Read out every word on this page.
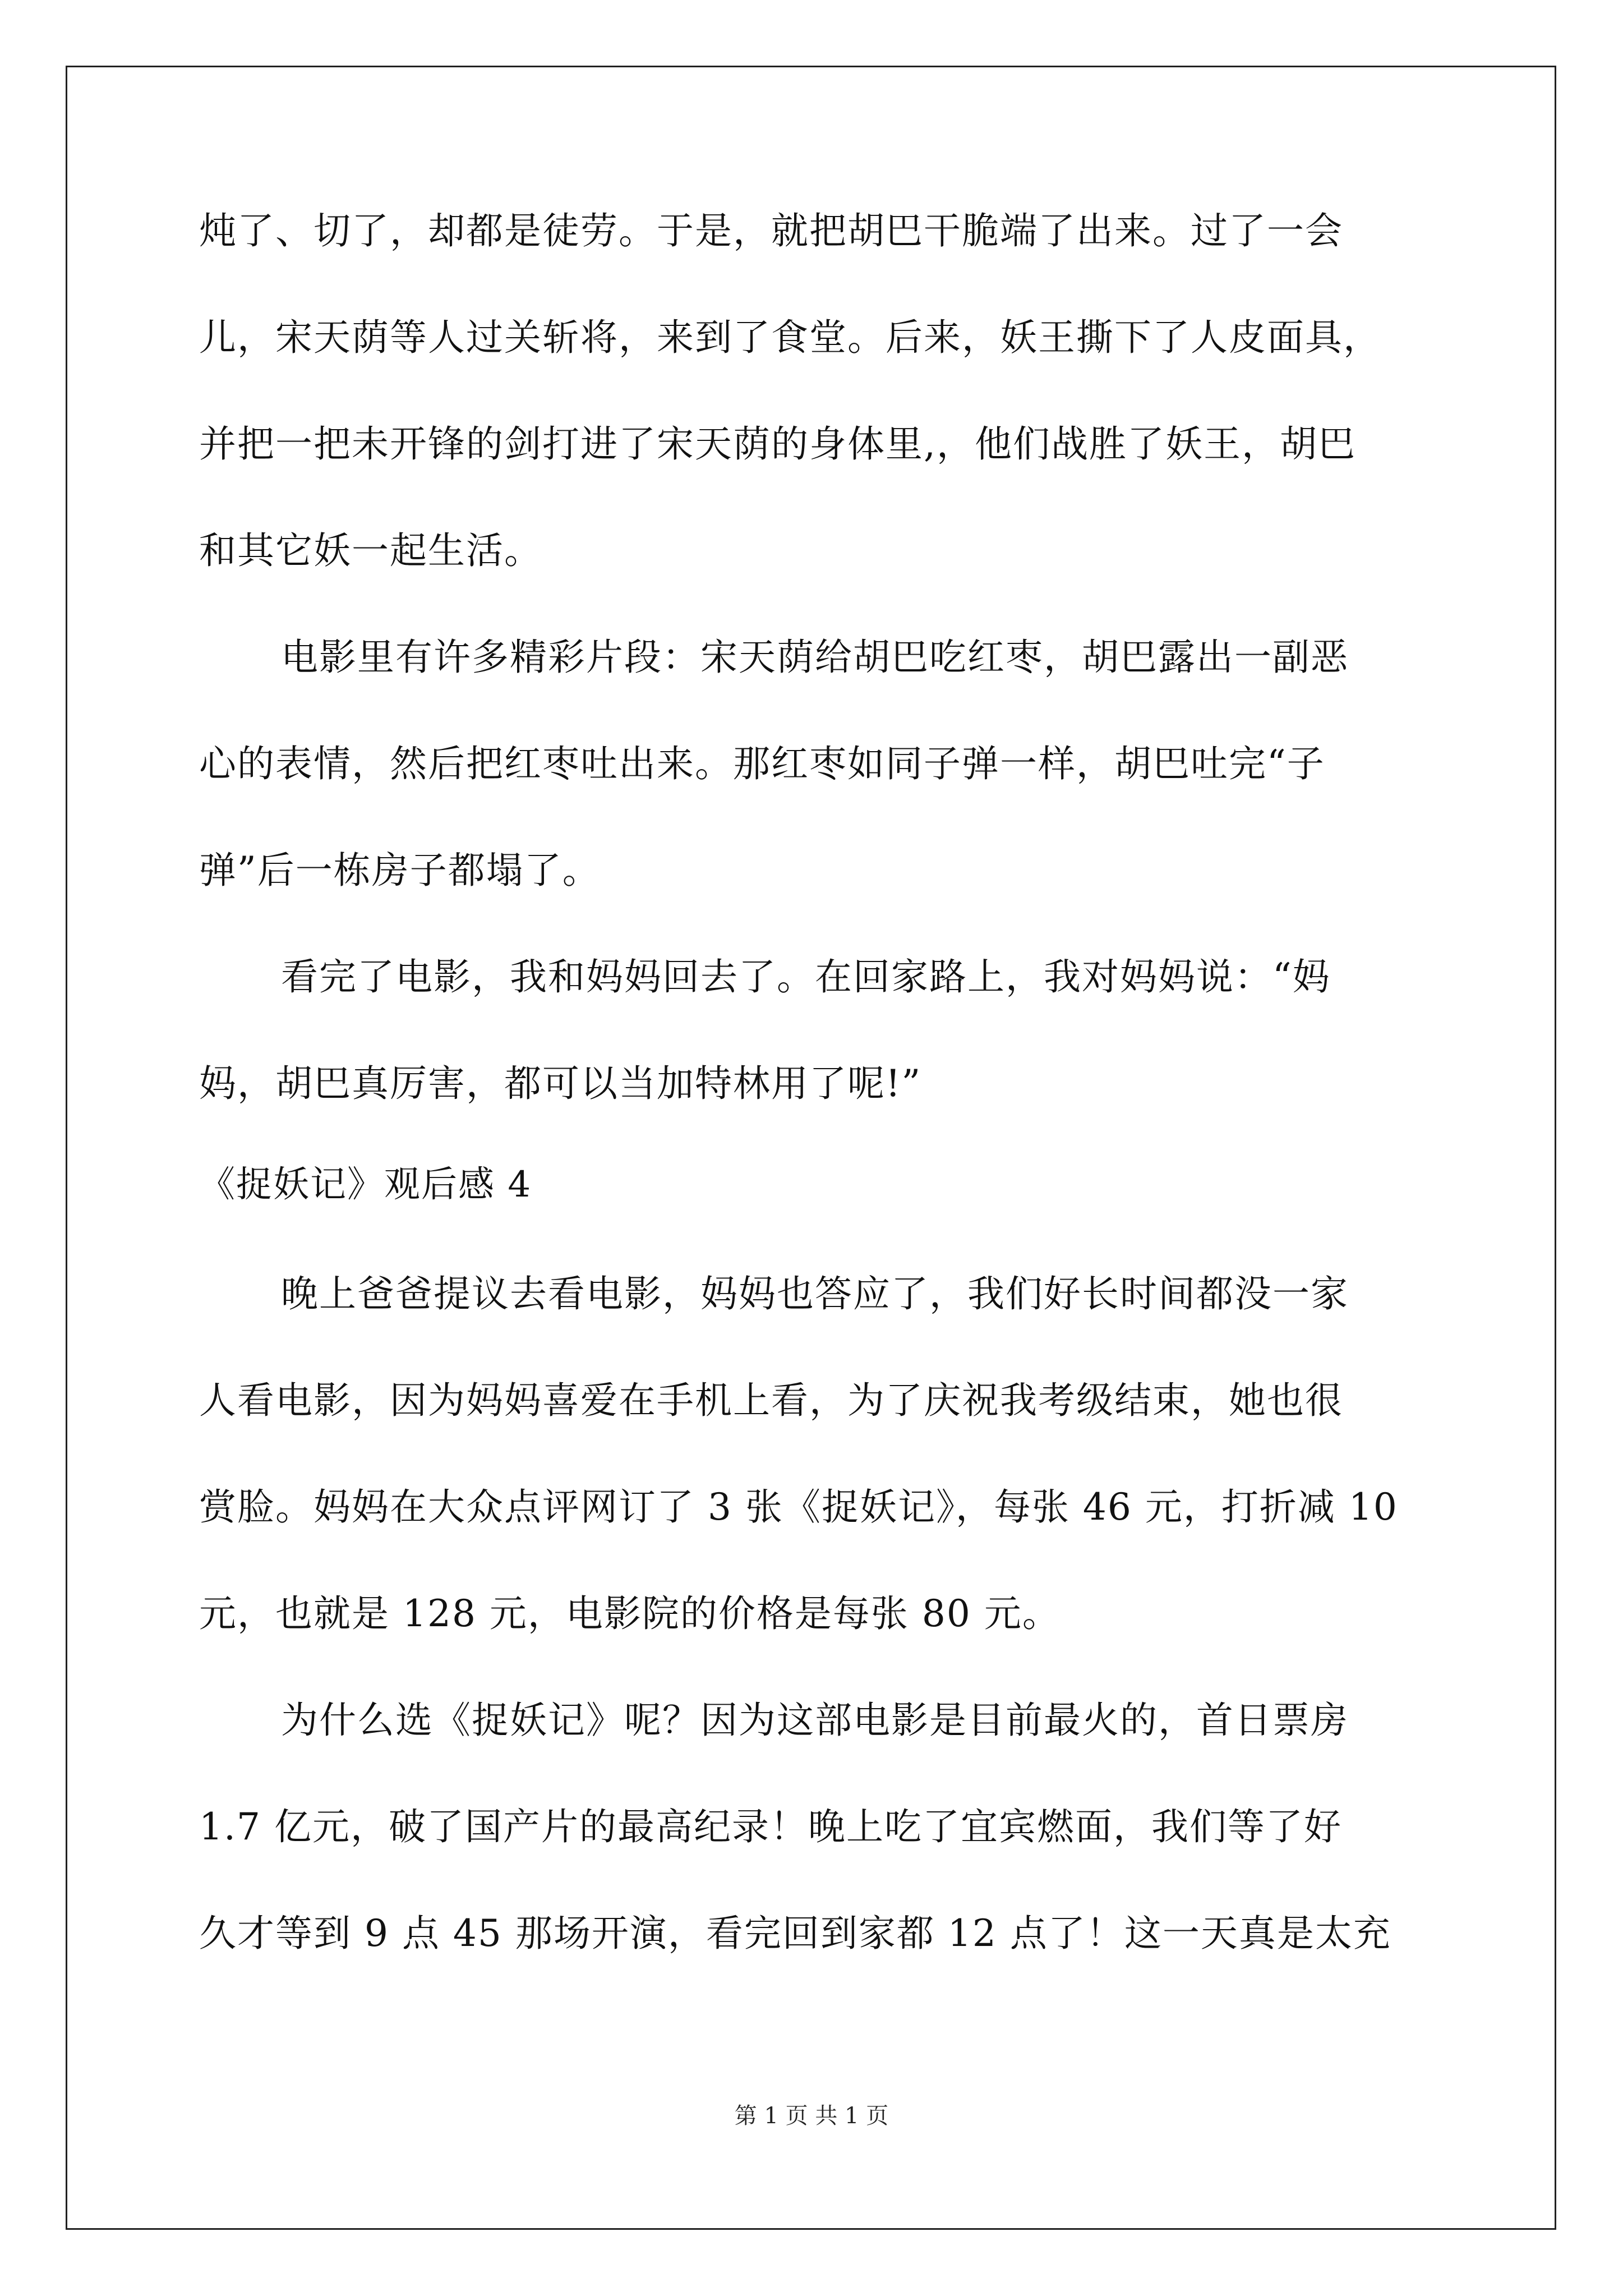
炖了、切了，却都是徒劳。于是，就把胡巴干脆端了出来。过了一会
儿，宋天荫等人过关斩将，来到了食堂。后来，妖王撕下了人皮面具，
并把一把未开锋的剑打进了宋天荫的身体里,，他们战胜了妖王，胡巴
和其它妖一起生活。
电影里有许多精彩片段：宋天荫给胡巴吃红枣，胡巴露出一副恶
心的表情，然后把红枣吐出来。那红枣如同子弹一样，胡巴吐完“子
弹”后一栋房子都塌了。
看完了电影，我和妈妈回去了。在回家路上，我对妈妈说：“妈
妈，胡巴真厉害，都可以当加特林用了呢!”
《捉妖记》观后感 4
晚上爸爸提议去看电影，妈妈也答应了，我们好长时间都没一家
人看电影，因为妈妈喜爱在手机上看，为了庆祝我考级结束，她也很
赏脸。妈妈在大众点评网订了 3 张《捉妖记》，每张 46 元，打折减 10
元，也就是 128 元，电影院的价格是每张 80 元。
为什么选《捉妖记》呢？因为这部电影是目前最火的，首日票房
1.7 亿元，破了国产片的最高纪录！晚上吃了宜宾燃面，我们等了好
久才等到 9 点 45 那场开演，看完回到家都 12 点了！这一天真是太充
第 1 页 共 1 页
